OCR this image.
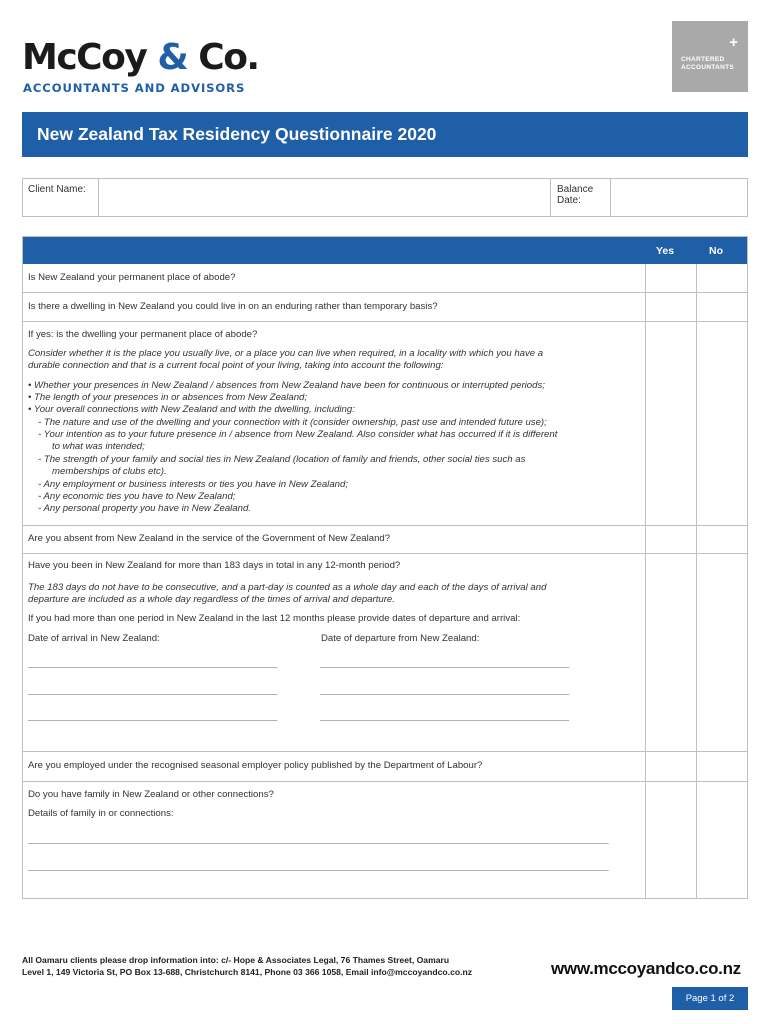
McCoy & Co.
ACCOUNTANTS AND ADVISORS
+
CHARTERED
ACCOUNTANTS
New Zealand Tax Residency Questionnaire 2020
Client Name:	Balance Date:
Yes	No
Is New Zealand your permanent place of abode?
Is there a dwelling in New Zealand you could live in on an enduring rather than temporary basis?
If yes: is the dwelling your permanent place of abode?
Consider whether it is the place you usually live, or a place you can live when required, in a locality with which you have a
durable connection and that is a current focal point of your living, taking into account the following:
• Whether your presences in New Zealand / absences from New Zealand have been for continuous or interrupted periods;
• The length of your presences in or absences from New Zealand;
• Your overall connections with New Zealand and with the dwelling, including:
- The nature and use of the dwelling and your connection with it (consider ownership, past use and intended future use);
- Your intention as to your future presence in / absence from New Zealand. Also consider what has occurred if it is different
to what was intended;
- The strength of your family and social ties in New Zealand (location of family and friends, other social ties such as
memberships of clubs etc).
- Any employment or business interests or ties you have in New Zealand;
- Any economic ties you have to New Zealand;
- Any personal property you have in New Zealand.
Are you absent from New Zealand in the service of the Government of New Zealand?
Have you been in New Zealand for more than 183 days in total in any 12-month period?
The 183 days do not have to be consecutive, and a part-day is counted as a whole day and each of the days of arrival and
departure are included as a whole day regardless of the times of arrival and departure.
If you had more than one period in New Zealand in the last 12 months please provide dates of departure and arrival:
Date of arrival in New Zealand:	Date of departure from New Zealand:
______________________________________________________	______________________________________________________
______________________________________________________	______________________________________________________
______________________________________________________	______________________________________________________
Are you employed under the recognised seasonal employer policy published by the Department of Labour?
Do you have family in New Zealand or other connections?
Details of family in or connections:
______________________________________________________________________________________________________________________________
______________________________________________________________________________________________________________________________
All Oamaru clients please drop information into: c/- Hope & Associates Legal, 76 Thames Street, Oamaru
Level 1, 149 Victoria St, PO Box 13-688, Christchurch 8141, Phone 03 366 1058, Email info@mccoyandco.co.nz	www.mccoyandco.co.nz
Page 1 of 2
